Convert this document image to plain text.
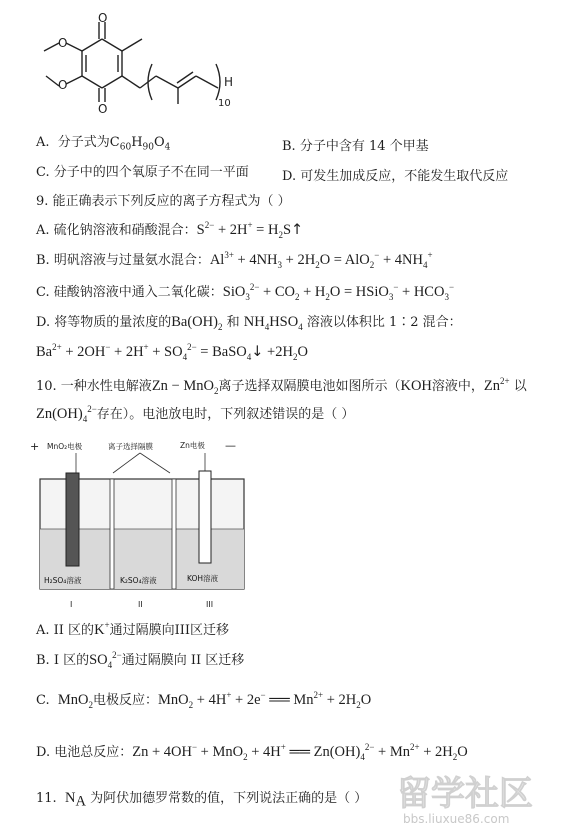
O
O
O
O	H
10
A. 分子式为$C_{60}H_{90}O_4$	B. 分子中含有 14 个甲基
C. 分子中的四个氧原子不在同一平面	D. 可发生加成反应，不能发生取代反应
9. 能正确表示下列反应的离子方程式为（ ）
A. 硫化钠溶液和硝酸混合：$S^{2-} + 2H^+$ = $H_2S↑$
B. 明矾溶液与过量氨水混合：$Al^{3+} + 4NH_3 + 2H_2O = AlO_2^- + 4NH_4^+$
C. 硅酸钠溶液中通入二氧化碳：$SiO_3^{2-} + CO_2 + H_2O$ = HSiO$_3$− + $HCO_3^-$
D. 将等物质的量浓度的$Ba(OH)_2$ 和 $NH_4HSO_4$ 溶液以体积比 1∶2 混合：
$Ba^{2+} + 2OH^- + 2H^+ + SO_4^{2-}$ = BaSO$_4$↓ $+2H_2O$
10. 一种水性电解液Zn − MnO$_2$离子选择双隔膜电池如图所示（KOH溶液中，$Zn^{2+}$ 以
$Zn(OH)_4^{2-}$存在）。电池放电时，下列叙述错误的是（ ）
+ MnO₂电极	离子选择隔膜	Zn电极 —
H₂SO₄溶液	K₂SO₄溶液	KOH溶液
I	II	III
A. II 区的K+通过隔膜向III区迁移
B. I 区的$SO_4^{2-}$通过隔膜向 II 区迁移
C. MnO$_2$电极反应：MnO$_2$ + 4H+ + 2e− ══ $Mn^{2+} + 2H_2O$
D. 电池总反应：Zn + 4OH− + MnO$_2$ + 4H+ ══ $Zn(OH)_4^{2-} + Mn^{2+} + 2H_2O$
11. $N_A$ 为阿伏加德罗常数的值，下列说法正确的是（ ） 留学社区
bbs.liuxue86.com
